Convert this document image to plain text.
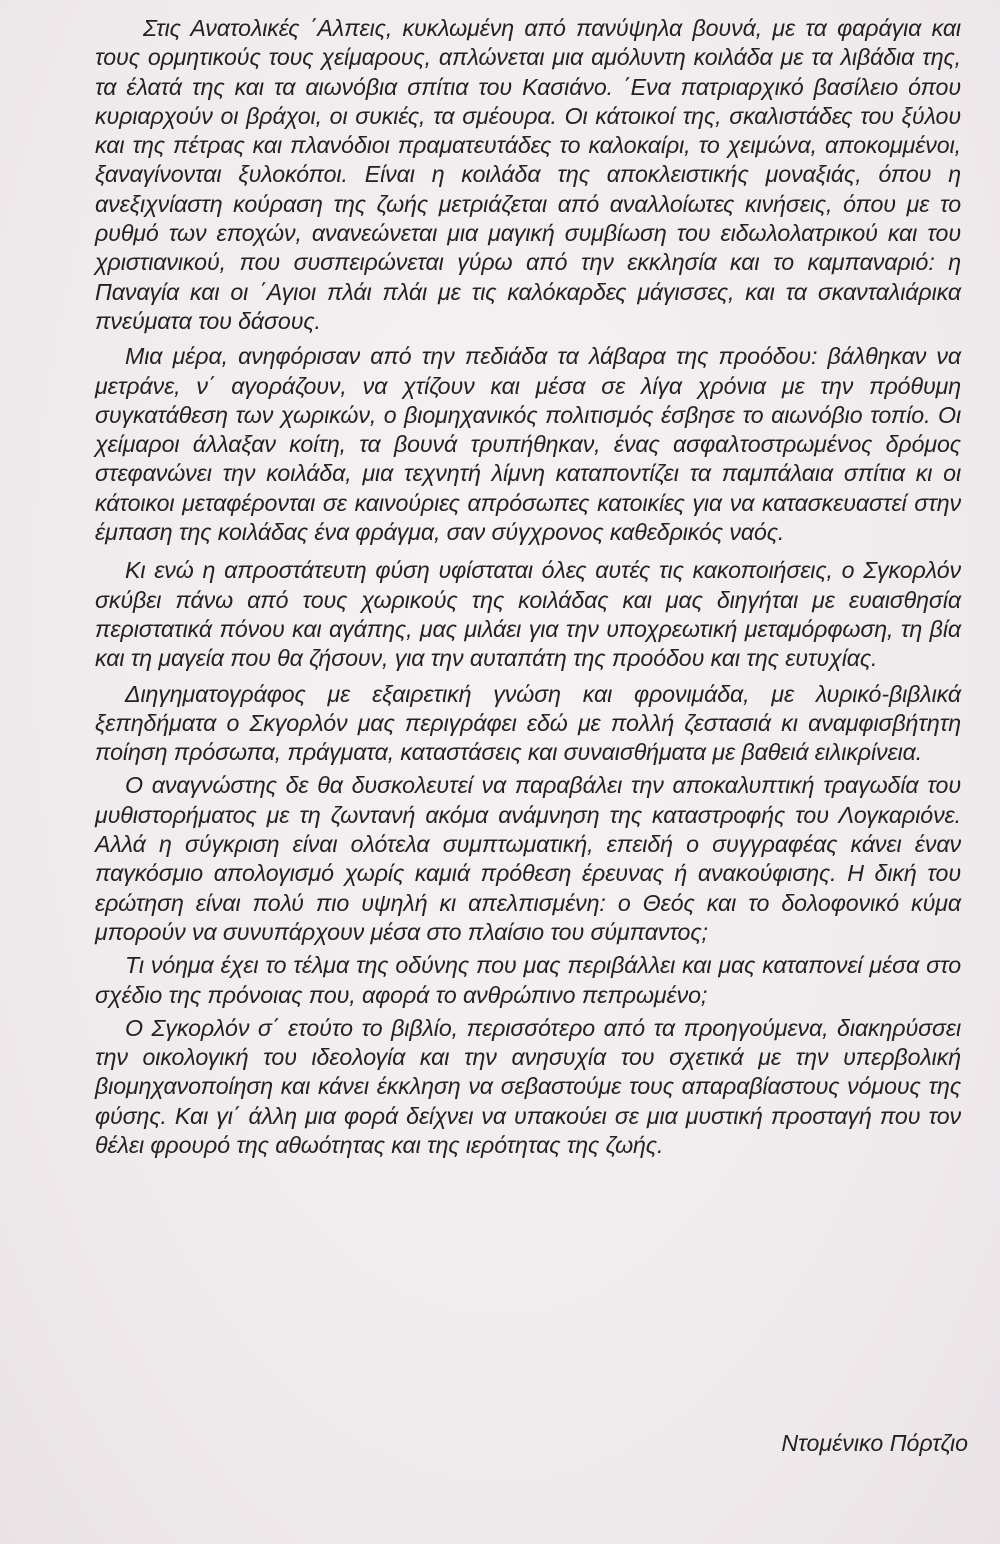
Στις Ανατολικές ΄Αλπεις, κυκλωμένη από πανύψηλα βουνά, με τα φαράγια και τους ορμητικούς τους χείμαρους, απλώνεται μια αμόλυντη κοιλάδα με τα λιβάδια της, τα έλατά της και τα αιωνόβια σπίτια του Κασιάνο. ΄Ενα πατριαρχικό βασίλειο όπου κυριαρχούν οι βράχοι, οι συκιές, τα σμέουρα. Οι κάτοικοί της, σκαλιστάδες του ξύλου και της πέτρας και πλανόδιοι πραματευτάδες το καλοκαίρι, το χειμώνα, αποκομμένοι, ξαναγίνονται ξυλοκόποι. Είναι η κοιλάδα της αποκλειστικής μοναξιάς, όπου η ανεξιχνίαστη κούραση της ζωής μετριάζεται από αναλλοίωτες κινήσεις, όπου με το ρυθμό των εποχών, ανανεώνεται μια μαγική συμβίωση του ειδωλολατρικού και του χριστιανικού, που συσπειρώνεται γύρω από την εκκλησία και το καμπαναριό: η Παναγία και οι ΄Αγιοι πλάι πλάι με τις καλόκαρδες μάγισσες, και τα σκανταλιάρικα πνεύματα του δάσους.

Μια μέρα, ανηφόρισαν από την πεδιάδα τα λάβαρα της προόδου: βάλθηκαν να μετράνε, ν΄ αγοράζουν, να χτίζουν και μέσα σε λίγα χρόνια με την πρόθυμη συγκατάθεση των χωρικών, ο βιομηχανικός πολιτισμός έσβησε το αιωνόβιο τοπίο. Οι χείμαροι άλλαξαν κοίτη, τα βουνά τρυπήθηκαν, ένας ασφαλτοστρωμένος δρόμος στεφανώνει την κοιλάδα, μια τεχνητή λίμνη καταποντίζει τα παμπάλαια σπίτια κι οι κάτοικοι μεταφέρονται σε καινούριες απρόσωπες κατοικίες για να κατασκευαστεί στην έμπαση της κοιλάδας ένα φράγμα, σαν σύγχρονος καθεδρικός ναός.

Κι ενώ η απροστάτευτη φύση υφίσταται όλες αυτές τις κακοποιήσεις, ο Σγκορλόν σκύβει πάνω από τους χωρικούς της κοιλάδας και μας διηγήται με ευαισθησία περιστατικά πόνου και αγάπης, μας μιλάει για την υποχρεωτική μεταμόρφωση, τη βία και τη μαγεία που θα ζήσουν, για την αυταπάτη της προόδου και της ευτυχίας.

Διηγηματογράφος με εξαιρετική γνώση και φρονιμάδα, με λυρικό-βιβλικά ξεπηδήματα ο Σκγορλόν μας περιγράφει εδώ με πολλή ζεστασιά κι αναμφισβήτητη ποίηση πρόσωπα, πράγματα, καταστάσεις και συναισθήματα με βαθειά ειλικρίνεια.

Ο αναγνώστης δε θα δυσκολευτεί να παραβάλει την αποκαλυπτική τραγωδία του μυθιστορήματος με τη ζωντανή ακόμα ανάμνηση της καταστροφής του Λογκαριόνε. Αλλά η σύγκριση είναι ολότελα συμπτωματική, επειδή ο συγγραφέας κάνει έναν παγκόσμιο απολογισμό χωρίς καμιά πρόθεση έρευνας ή ανακούφισης. Η δική του ερώτηση είναι πολύ πιο υψηλή κι απελπισμένη: ο Θεός και το δολοφονικό κύμα μπορούν να συνυπάρχουν μέσα στο πλαίσιο του σύμπαντος;

Τι νόημα έχει το τέλμα της οδύνης που μας περιβάλλει και μας καταπονεί μέσα στο σχέδιο της πρόνοιας που, αφορά το ανθρώπινο πεπρωμένο;

Ο Σγκορλόν σ΄ ετούτο το βιβλίο, περισσότερο από τα προηγούμενα, διακηρύσσει την οικολογική του ιδεολογία και την ανησυχία του σχετικά με την υπερβολική βιομηχανοποίηση και κάνει έκκληση να σεβαστούμε τους απαραβίαστους νόμους της φύσης. Και γι΄ άλλη μια φορά δείχνει να υπακούει σε μια μυστική προσταγή που τον θέλει φρουρό της αθωότητας και της ιερότητας της ζωής.

Ντομένικο Πόρτζιο
